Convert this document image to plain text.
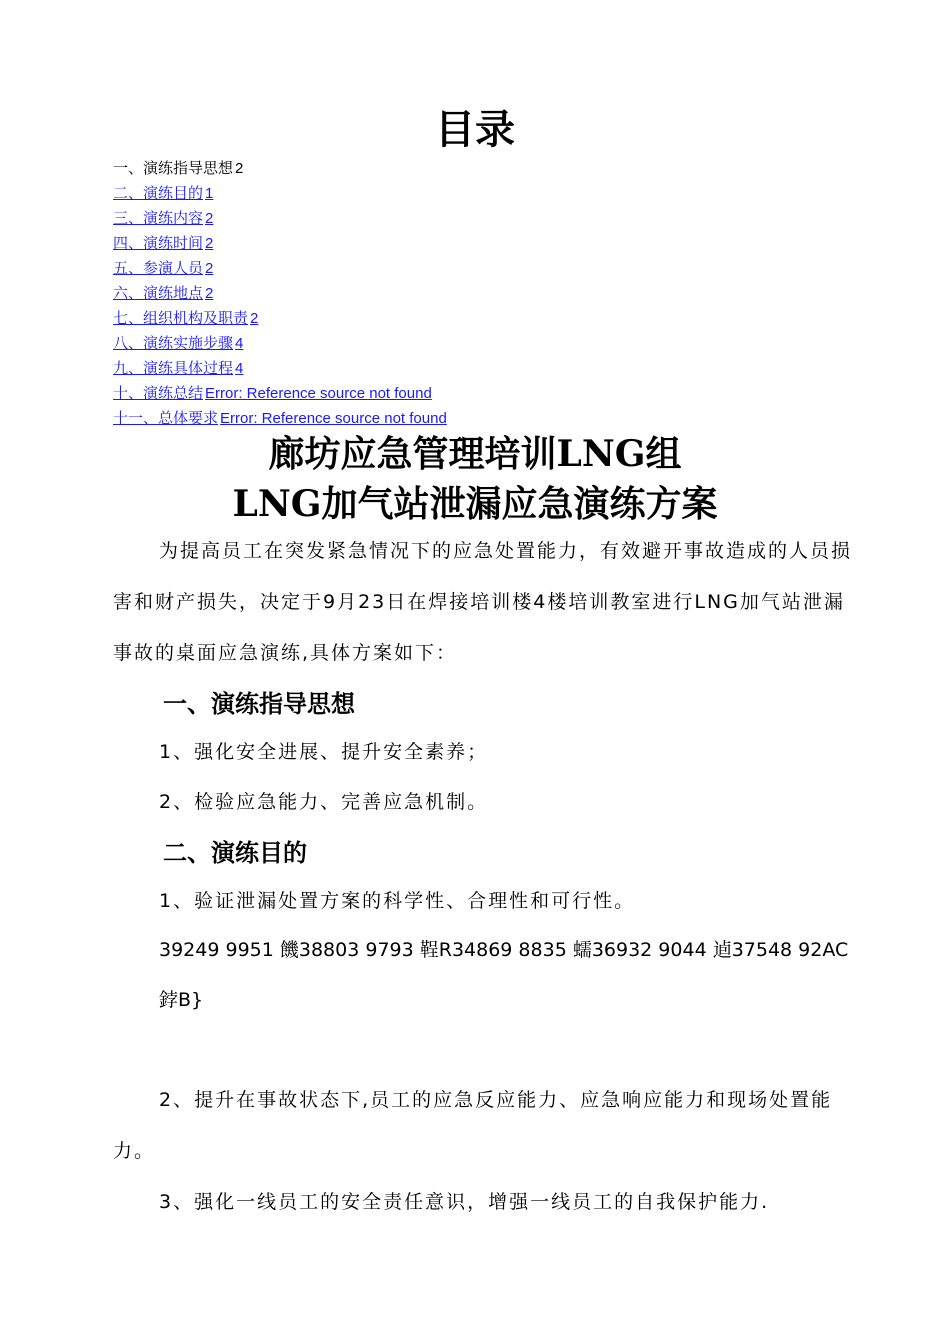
目录
一、演练指导思想 2
二、演练目的 1
三、演练内容 2
四、演练时间 2
五、参演人员 2
六、演练地点 2
七、组织机构及职责 2
八、演练实施步骤 4
九、演练具体过程 4
十、演练总结 Error: Reference source not found
十一、总体要求 Error: Reference source not found
廊坊应急管理培训LNG组
LNG加气站泄漏应急演练方案

为提高员工在突发紧急情况下的应急处置能力，有效避开事故造成的人员损害和财产损失，决定于9月23日在焊接培训楼4楼培训教室进行LNG加气站泄漏事故的桌面应急演练,具体方案如下：

一、演练指导思想
1、强化安全进展、提升安全素养；
2、检验应急能力、完善应急机制。
二、演练目的
1、验证泄漏处置方案的科学性、合理性和可行性。

39249 9951 饑38803 9793 鞓R34869 8835 蠕36932 9044 逌37548 92AC 鋍B}

2、提升在事故状态下,员工的应急反应能力、应急响应能力和现场处置能力。

3、强化一线员工的安全责任意识，增强一线员工的自我保护能力.
